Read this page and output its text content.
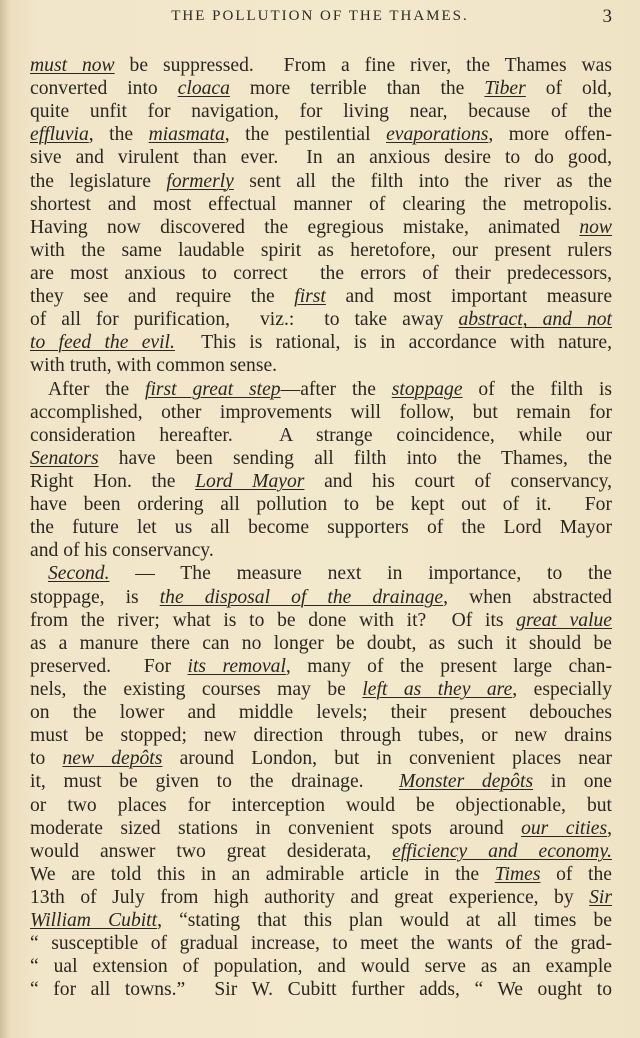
THE POLLUTION OF THE THAMES.	3
must now be suppressed.  From a fine river, the Thames was
converted into cloaca more terrible than the Tiber of old,
quite unfit for navigation, for living near, because of the
effluvia, the miasmata, the pestilential evaporations, more offen-
sive and virulent than ever.  In an anxious desire to do good,
the legislature formerly sent all the filth into the river as the
shortest and most effectual manner of clearing the metropolis.
Having now discovered the egregious mistake, animated now
with the same laudable spirit as heretofore, our present rulers
are most anxious to correct  the errors of their predecessors,
they see and require the first and most important measure
of all for purification,  viz.:  to take away abstract, and not
to feed the evil.  This is rational, is in accordance with nature,
with truth, with common sense.
After the first great step—after the stoppage of the filth is
accomplished, other improvements will follow, but remain for
consideration hereafter.  A strange coincidence, while our
Senators have been sending all filth into the Thames, the
Right Hon. the Lord Mayor and his court of conservancy,
have been ordering all pollution to be kept out of it.  For
the future let us all become supporters of the Lord Mayor
and of his conservancy.
Second. — The measure next in importance, to the
stoppage, is the disposal of the drainage, when abstracted
from the river; what is to be done with it?  Of its great value
as a manure there can no longer be doubt, as such it should be
preserved.  For its removal, many of the present large chan-
nels, the existing courses may be left as they are, especially
on the lower and middle levels; their present debouches
must be stopped; new direction through tubes, or new drains
to new depôts around London, but in convenient places near
it, must be given to the drainage.  Monster depôts in one
or two places for interception would be objectionable, but
moderate sized stations in convenient spots around our cities,
would answer two great desiderata, efficiency and economy.
We are told this in an admirable article in the Times of the
13th of July from high authority and great experience, by Sir
William Cubitt, “stating that this plan would at all times be
“ susceptible of gradual increase, to meet the wants of the grad-
“ ual extension of population, and would serve as an example
“ for all towns.”  Sir W. Cubitt further adds, “ We ought to
